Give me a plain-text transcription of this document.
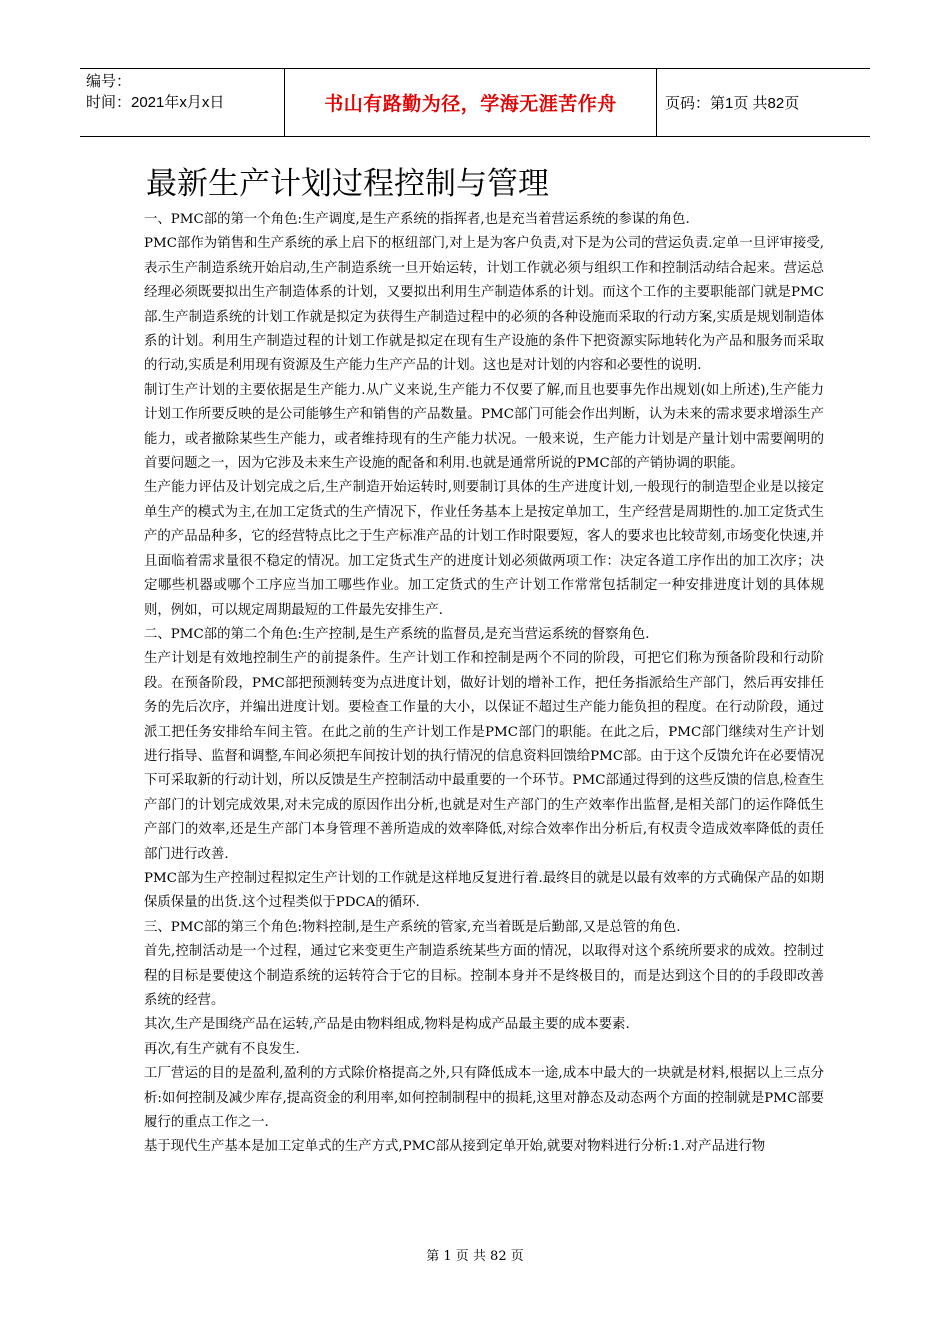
编号：
时间：2021年x月x日	书山有路勤为径，学海无涯苦作舟	页码：第1页 共82页
最新生产计划过程控制与管理

一、PMC部的第一个角色:生产调度,是生产系统的指挥者,也是充当着营运系统的参谋的角色.

PMC部作为销售和生产系统的承上启下的枢纽部门,对上是为客户负责,对下是为公司的营运负责.定单一旦评审接受,表示生产制造系统开始启动,生产制造系统一旦开始运转，计划工作就必须与组织工作和控制活动结合起来。营运总经理必须既要拟出生产制造体系的计划，又要拟出利用生产制造体系的计划。而这个工作的主要职能部门就是PMC部.生产制造系统的计划工作就是拟定为获得生产制造过程中的必须的各种设施而采取的行动方案,实质是规划制造体系的计划。利用生产制造过程的计划工作就是拟定在现有生产设施的条件下把资源实际地转化为产品和服务而采取的行动,实质是利用现有资源及生产能力生产产品的计划。这也是对计划的内容和必要性的说明.

制订生产计划的主要依据是生产能力.从广义来说,生产能力不仅要了解,而且也要事先作出规划(如上所述),生产能力计划工作所要反映的是公司能够生产和销售的产品数量。PMC部门可能会作出判断，认为未来的需求要求增添生产能力，或者撤除某些生产能力，或者维持现有的生产能力状况。一般来说，生产能力计划是产量计划中需要阐明的首要问题之一，因为它涉及未来生产设施的配备和利用.也就是通常所说的PMC部的产销协调的职能。

生产能力评估及计划完成之后,生产制造开始运转时,则要制订具体的生产进度计划,一般现行的制造型企业是以接定单生产的模式为主,在加工定货式的生产情况下，作业任务基本上是按定单加工，生产经营是周期性的.加工定货式生产的产品品种多，它的经营特点比之于生产标准产品的计划工作时限要短，客人的要求也比较苛刻,市场变化快速,并且面临着需求量很不稳定的情况。加工定货式生产的进度计划必须做两项工作：决定各道工序作出的加工次序；决定哪些机器或哪个工序应当加工哪些作业。加工定货式的生产计划工作常常包括制定一种安排进度计划的具体规则，例如，可以规定周期最短的工件最先安排生产.

二、PMC部的第二个角色:生产控制,是生产系统的监督员,是充当营运系统的督察角色.

生产计划是有效地控制生产的前提条件。生产计划工作和控制是两个不同的阶段，可把它们称为预备阶段和行动阶段。在预备阶段，PMC部把预测转变为点进度计划，做好计划的增补工作，把任务指派给生产部门，然后再安排任务的先后次序，并编出进度计划。要检查工作量的大小，以保证不超过生产能力能负担的程度。在行动阶段，通过派工把任务安排给车间主管。在此之前的生产计划工作是PMC部门的职能。在此之后，PMC部门继续对生产计划进行指导、监督和调整,车间必须把车间按计划的执行情况的信息资料回馈给PMC部。由于这个反馈允许在必要情况下可采取新的行动计划，所以反馈是生产控制活动中最重要的一个环节。PMC部通过得到的这些反馈的信息,检查生产部门的计划完成效果,对未完成的原因作出分析,也就是对生产部门的生产效率作出监督,是相关部门的运作降低生产部门的效率,还是生产部门本身管理不善所造成的效率降低,对综合效率作出分析后,有权责令造成效率降低的责任部门进行改善.

PMC部为生产控制过程拟定生产计划的工作就是这样地反复进行着.最终目的就是以最有效率的方式确保产品的如期保质保量的出货.这个过程类似于PDCA的循环.

三、PMC部的第三个角色:物料控制,是生产系统的管家,充当着既是后勤部,又是总管的角色.

首先,控制活动是一个过程，通过它来变更生产制造系统某些方面的情况，以取得对这个系统所要求的成效。控制过程的目标是要使这个制造系统的运转符合于它的目标。控制本身并不是终极目的，而是达到这个目的的手段即改善系统的经营。

其次,生产是围绕产品在运转,产品是由物料组成,物料是构成产品最主要的成本要素.

再次,有生产就有不良发生.

工厂营运的目的是盈利,盈利的方式除价格提高之外,只有降低成本一途,成本中最大的一块就是材料,根据以上三点分析:如何控制及减少库存,提高资金的利用率,如何控制制程中的损耗,这里对静态及动态两个方面的控制就是PMC部要履行的重点工作之一.

基于现代生产基本是加工定单式的生产方式,PMC部从接到定单开始,就要对物料进行分析:1.对产品进行物

第 1 页 共 82 页
